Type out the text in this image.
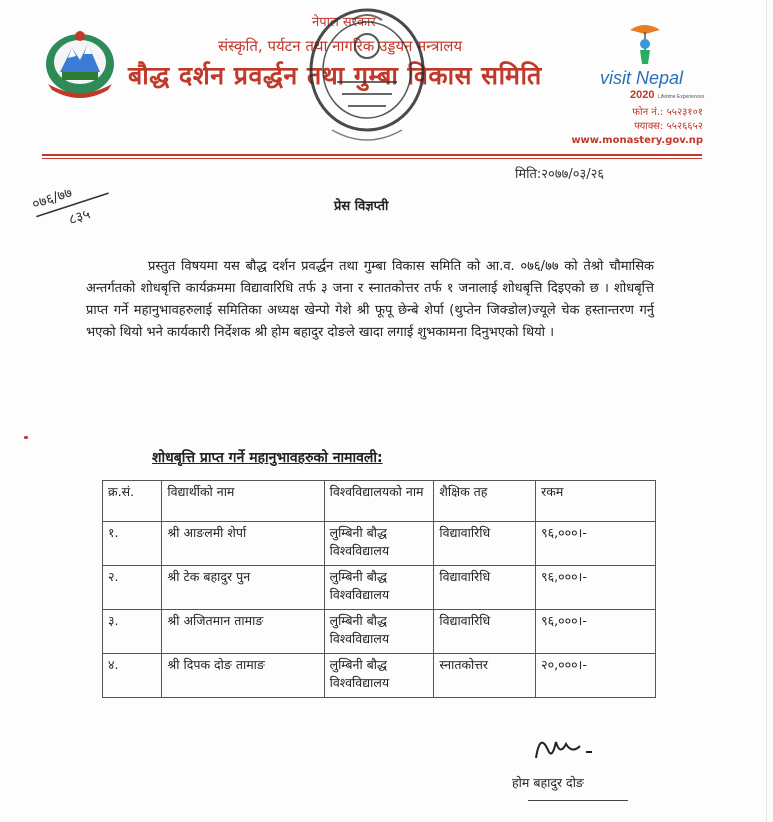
नेपाल सरकार
संस्कृति, पर्यटन तथा नागरिक उड्डयन मन्त्रालय
बौद्ध दर्शन प्रवर्द्धन तथा गुम्बा विकास समिति	visit Nepal
2020 Lifetime Experiences
फोन नं.: ५५२३१०१
फ्याक्स: ५५२६६५२
www.monastery.gov.np
०७६/७७
८३५
मिति:२०७७/०३/२६
प्रेस विज्ञप्ती
प्रस्तुत विषयमा यस बौद्ध दर्शन प्रवर्द्धन तथा गुम्बा विकास समिति को आ.व. ०७६/७७ को तेश्रो चौमासिक अन्तर्गतको शोधबृत्ति कार्यक्रममा विद्यावारिधि तर्फ ३ जना र स्नातकोत्तर तर्फ १ जनालाई शोधबृत्ति दिइएको छ । शोधबृत्ति प्राप्त गर्ने महानुभावहरुलाई समितिका अध्यक्ष खेन्पो गेशे श्री फूपू छेन्बे शेर्पा (थुप्तेन जिक्डोल)ज्यूले चेक हस्तान्तरण गर्नु भएको थियो भने कार्यकारी निर्देशक श्री होम बहादुर दोङले खादा लगाई शुभकामना दिनुभएको थियो ।
शोधबृत्ति प्राप्त गर्ने महानुभावहरुको नामावली:
क्र.सं.	विद्यार्थीको नाम	विश्वविद्यालयको नाम	शैक्षिक तह	रकम
१.	श्री आङलमी शेर्पा	लुम्बिनी बौद्ध विश्वविद्यालय	विद्यावारिधि	९६,०००।-
२.	श्री टेक बहादुर पुन	लुम्बिनी बौद्ध विश्वविद्यालय	विद्यावारिधि	९६,०००।-
३.	श्री अजितमान तामाङ	लुम्बिनी बौद्ध विश्वविद्यालय	विद्यावारिधि	९६,०००।-
४.	श्री दिपक दोङ तामाङ	लुम्बिनी बौद्ध विश्वविद्यालय	स्नातकोत्तर	२०,०००।-
होम बहादुर दोङ
